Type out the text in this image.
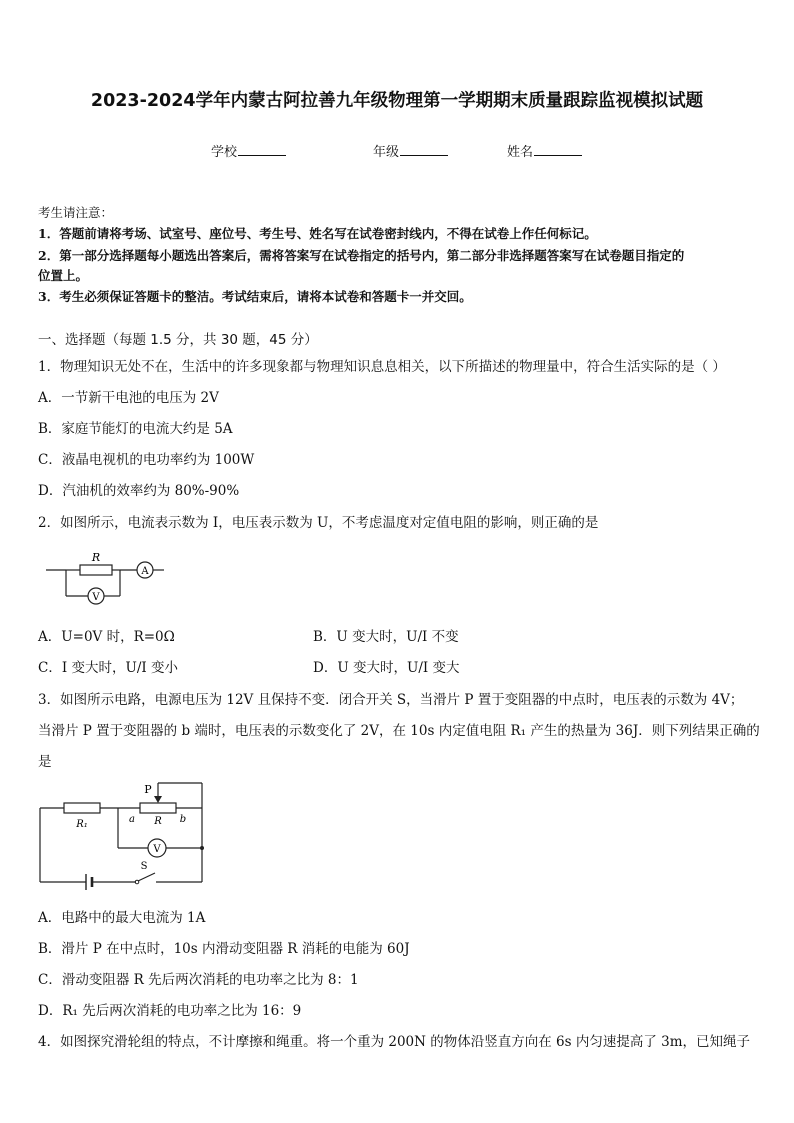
2023-2024学年内蒙古阿拉善九年级物理第一学期期末质量跟踪监视模拟试题
学校	年级	姓名
考生请注意：
1．答题前请将考场、试室号、座位号、考生号、姓名写在试卷密封线内，不得在试卷上作任何标记。
2．第一部分选择题每小题选出答案后，需将答案写在试卷指定的括号内，第二部分非选择题答案写在试卷题目指定的
位置上。
3．考生必须保证答题卡的整洁。考试结束后，请将本试卷和答题卡一并交回。
一、选择题（每题 1.5 分，共 30 题，45 分）
1．物理知识无处不在，生活中的许多现象都与物理知识息息相关，以下所描述的物理量中，符合生活实际的是（ ）
A．一节新干电池的电压为 2V
B．家庭节能灯的电流大约是 5A
C．液晶电视机的电功率约为 100W
D．汽油机的效率约为 80%-90%
2．如图所示，电流表示数为 I，电压表示数为 U，不考虑温度对定值电阻的影响，则正确的是
R
A
V
A．U=0V 时，R=0Ω	B．U 变大时，U/I 不变
C．I 变大时，U/I 变小	D．U 变大时，U/I 变大
3．如图所示电路，电源电压为 12V 且保持不变．闭合开关 S，当滑片 P 置于变阻器的中点时，电压表的示数为 4V；
当滑片 P 置于变阻器的 b 端时，电压表的示数变化了 2V，在 10s 内定值电阻 R₁ 产生的热量为 36J．则下列结果正确的
是
R₁	a R b
P
V
S
A．电路中的最大电流为 1A
B．滑片 P 在中点时，10s 内滑动变阻器 R 消耗的电能为 60J
C．滑动变阻器 R 先后两次消耗的电功率之比为 8：1
D．R₁ 先后两次消耗的电功率之比为 16：9
4．如图探究滑轮组的特点，不计摩擦和绳重。将一个重为 200N 的物体沿竖直方向在 6s 内匀速提高了 3m，已知绳子
